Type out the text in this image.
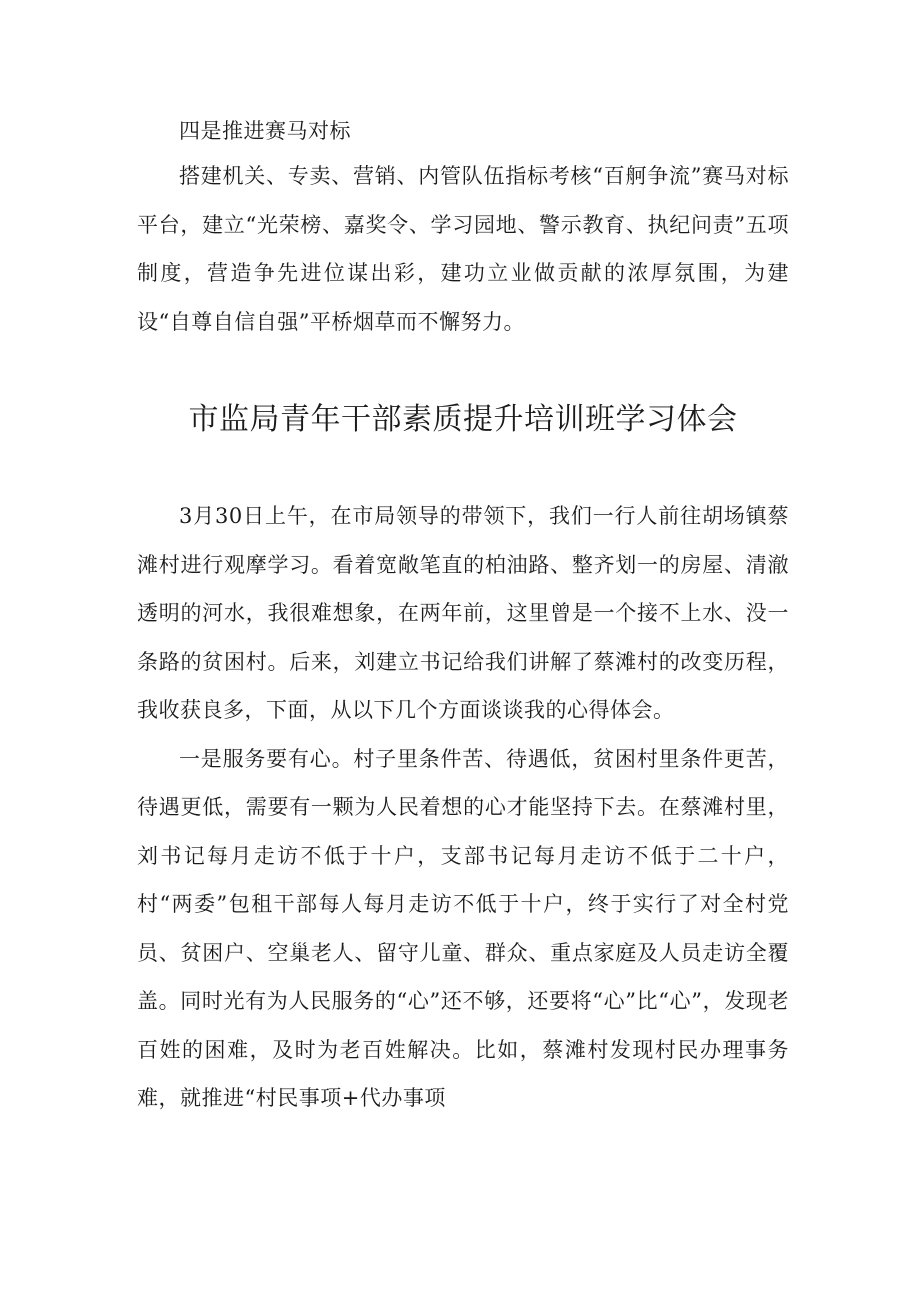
四是推进赛马对标

搭建机关、专卖、营销、内管队伍指标考核“百舸争流”赛马对标平台，建立“光荣榜、嘉奖令、学习园地、警示教育、执纪问责”五项制度，营造争先进位谋出彩，建功立业做贡献的浓厚氛围，为建设“自尊自信自强”平桥烟草而不懈努力。

市监局青年干部素质提升培训班学习体会

3月30日上午，在市局领导的带领下，我们一行人前往胡场镇蔡滩村进行观摩学习。看着宽敞笔直的柏油路、整齐划一的房屋、清澈透明的河水，我很难想象，在两年前，这里曾是一个接不上水、没一条路的贫困村。后来，刘建立书记给我们讲解了蔡滩村的改变历程，我收获良多，下面，从以下几个方面谈谈我的心得体会。

一是服务要有心。村子里条件苦、待遇低，贫困村里条件更苦，待遇更低，需要有一颗为人民着想的心才能坚持下去。在蔡滩村里，刘书记每月走访不低于十户，支部书记每月走访不低于二十户，村“两委”包租干部每人每月走访不低于十户，终于实行了对全村党员、贫困户、空巢老人、留守儿童、群众、重点家庭及人员走访全覆盖。同时光有为人民服务的“心”还不够，还要将“心”比“心”，发现老百姓的困难，及时为老百姓解决。比如，蔡滩村发现村民办理事务难，就推进“村民事项+代办事项
